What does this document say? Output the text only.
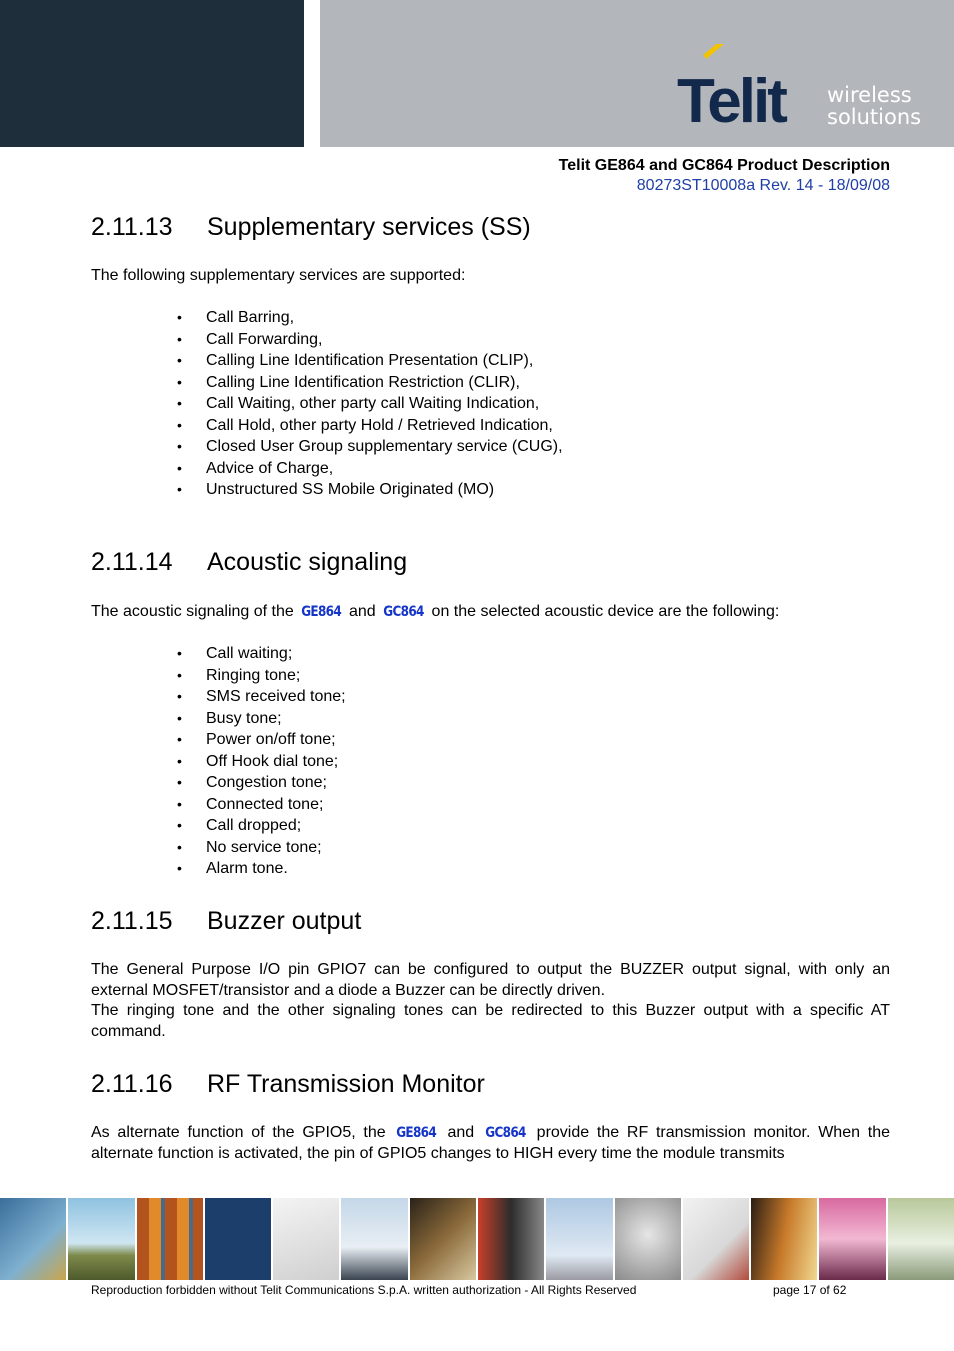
Telit wireless
solutions
Telit GE864 and GC864 Product Description
80273ST10008a Rev. 14 - 18/09/08
2.11.13 Supplementary services (SS)

The following supplementary services are supported:

• Call Barring,
• Call Forwarding,
• Calling Line Identification Presentation (CLIP),
• Calling Line Identification Restriction (CLIR),
• Call Waiting, other party call Waiting Indication,
• Call Hold, other party Hold / Retrieved Indication,
• Closed User Group supplementary service (CUG),
• Advice of Charge,
• Unstructured SS Mobile Originated (MO)
2.11.14 Acoustic signaling

The acoustic signaling of the GE864 and GC864 on the selected acoustic device are the following:

• Call waiting;
• Ringing tone;
• SMS received tone;
• Busy tone;
• Power on/off tone;
• Off Hook dial tone;
• Congestion tone;
• Connected tone;
• Call dropped;
• No service tone;
• Alarm tone.
2.11.15 Buzzer output

The General Purpose I/O pin GPIO7 can be configured to output the BUZZER output signal, with only an external MOSFET/transistor and a diode a Buzzer can be directly driven.

The ringing tone and the other signaling tones can be redirected to this Buzzer output with a specific AT command.

2.11.16 RF Transmission Monitor

As alternate function of the GPIO5, the GE864 and GC864 provide the RF transmission monitor. When the alternate function is activated, the pin of GPIO5 changes to HIGH every time the module transmits

Reproduction forbidden without Telit Communications S.p.A. written authorization - All Rights Reserved	page 17 of 62
